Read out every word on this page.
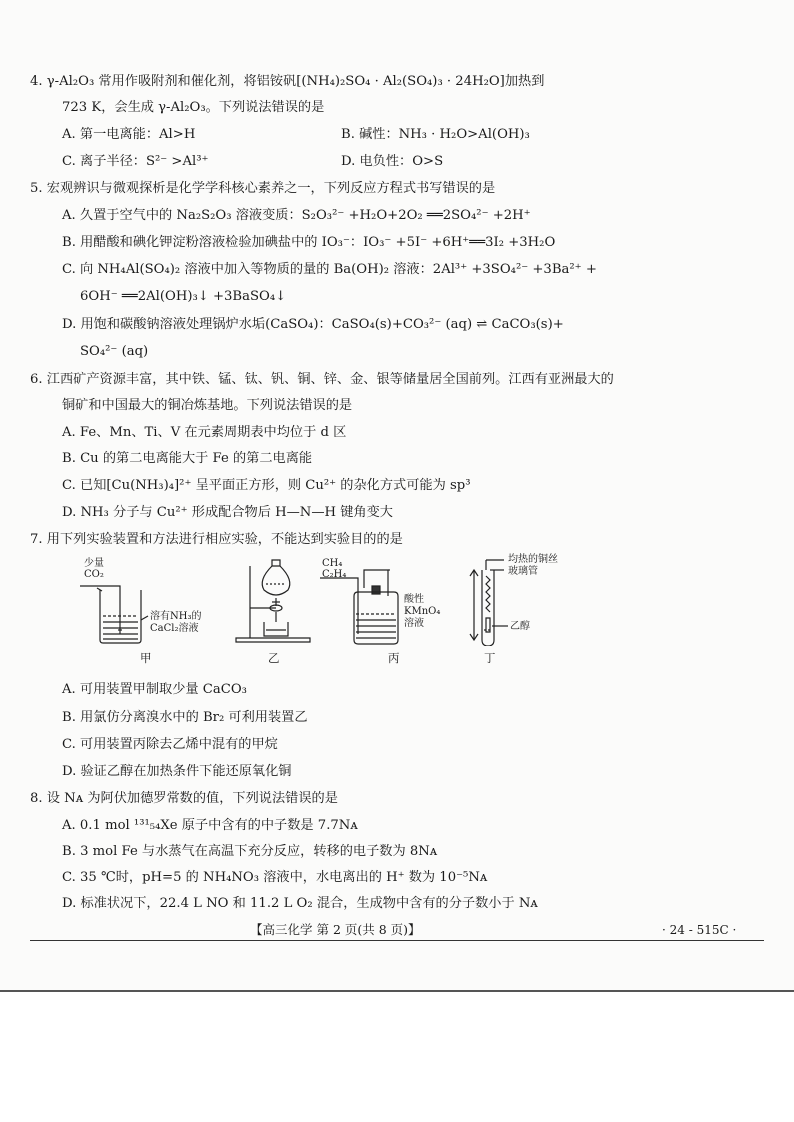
4. γ-Al₂O₃ 常用作吸附剂和催化剂，将铝铵矾[(NH₄)₂SO₄ · Al₂(SO₄)₃ · 24H₂O]加热到
723 K，会生成 γ-Al₂O₃。下列说法错误的是
A. 第一电离能：Al>H	B. 碱性：NH₃ · H₂O>Al(OH)₃
C. 离子半径：S²⁻ >Al³⁺	D. 电负性：O>S
5. 宏观辨识与微观探析是化学学科核心素养之一，下列反应方程式书写错误的是
A. 久置于空气中的 Na₂S₂O₃ 溶液变质：S₂O₃²⁻ +H₂O+2O₂ ══2SO₄²⁻ +2H⁺
B. 用醋酸和碘化钾淀粉溶液检验加碘盐中的 IO₃⁻：IO₃⁻ +5I⁻ +6H⁺══3I₂ +3H₂O
C. 向 NH₄Al(SO₄)₂ 溶液中加入等物质的量的 Ba(OH)₂ 溶液：2Al³⁺ +3SO₄²⁻ +3Ba²⁺ +
6OH⁻ ══2Al(OH)₃↓ +3BaSO₄↓
D. 用饱和碳酸钠溶液处理锅炉水垢(CaSO₄)：CaSO₄(s)+CO₃²⁻ (aq) ⇌ CaCO₃(s)+
SO₄²⁻ (aq)
6. 江西矿产资源丰富，其中铁、锰、钛、钒、铜、锌、金、银等储量居全国前列。江西有亚洲最大的
铜矿和中国最大的铜冶炼基地。下列说法错误的是
A. Fe、Mn、Ti、V 在元素周期表中均位于 d 区
B. Cu 的第二电离能大于 Fe 的第二电离能
C. 已知[Cu(NH₃)₄]²⁺ 呈平面正方形，则 Cu²⁺ 的杂化方式可能为 sp³
D. NH₃ 分子与 Cu²⁺ 形成配合物后 H—N—H 键角变大
7. 用下列实验装置和方法进行相应实验，不能达到实验目的的是
少量
CO₂
溶有NH₃的
CaCl₂溶液
甲	乙
CH₄
C₂H₄
酸性
KMnO₄
溶液
丙
均热的铜丝
玻璃管
乙醇
丁
A. 可用装置甲制取少量 CaCO₃
B. 用氯仿分离溴水中的 Br₂ 可利用装置乙
C. 可用装置丙除去乙烯中混有的甲烷
D. 验证乙醇在加热条件下能还原氧化铜
8. 设 Nᴀ 为阿伏加德罗常数的值，下列说法错误的是
A. 0.1 mol ¹³¹₅₄Xe 原子中含有的中子数是 7.7Nᴀ
B. 3 mol Fe 与水蒸气在高温下充分反应，转移的电子数为 8Nᴀ
C. 35 ℃时，pH=5 的 NH₄NO₃ 溶液中，水电离出的 H⁺ 数为 10⁻⁵Nᴀ
D. 标准状况下，22.4 L NO 和 11.2 L O₂ 混合，生成物中含有的分子数小于 Nᴀ
【高三化学 第 2 页(共 8 页)】	· 24 - 515C ·
